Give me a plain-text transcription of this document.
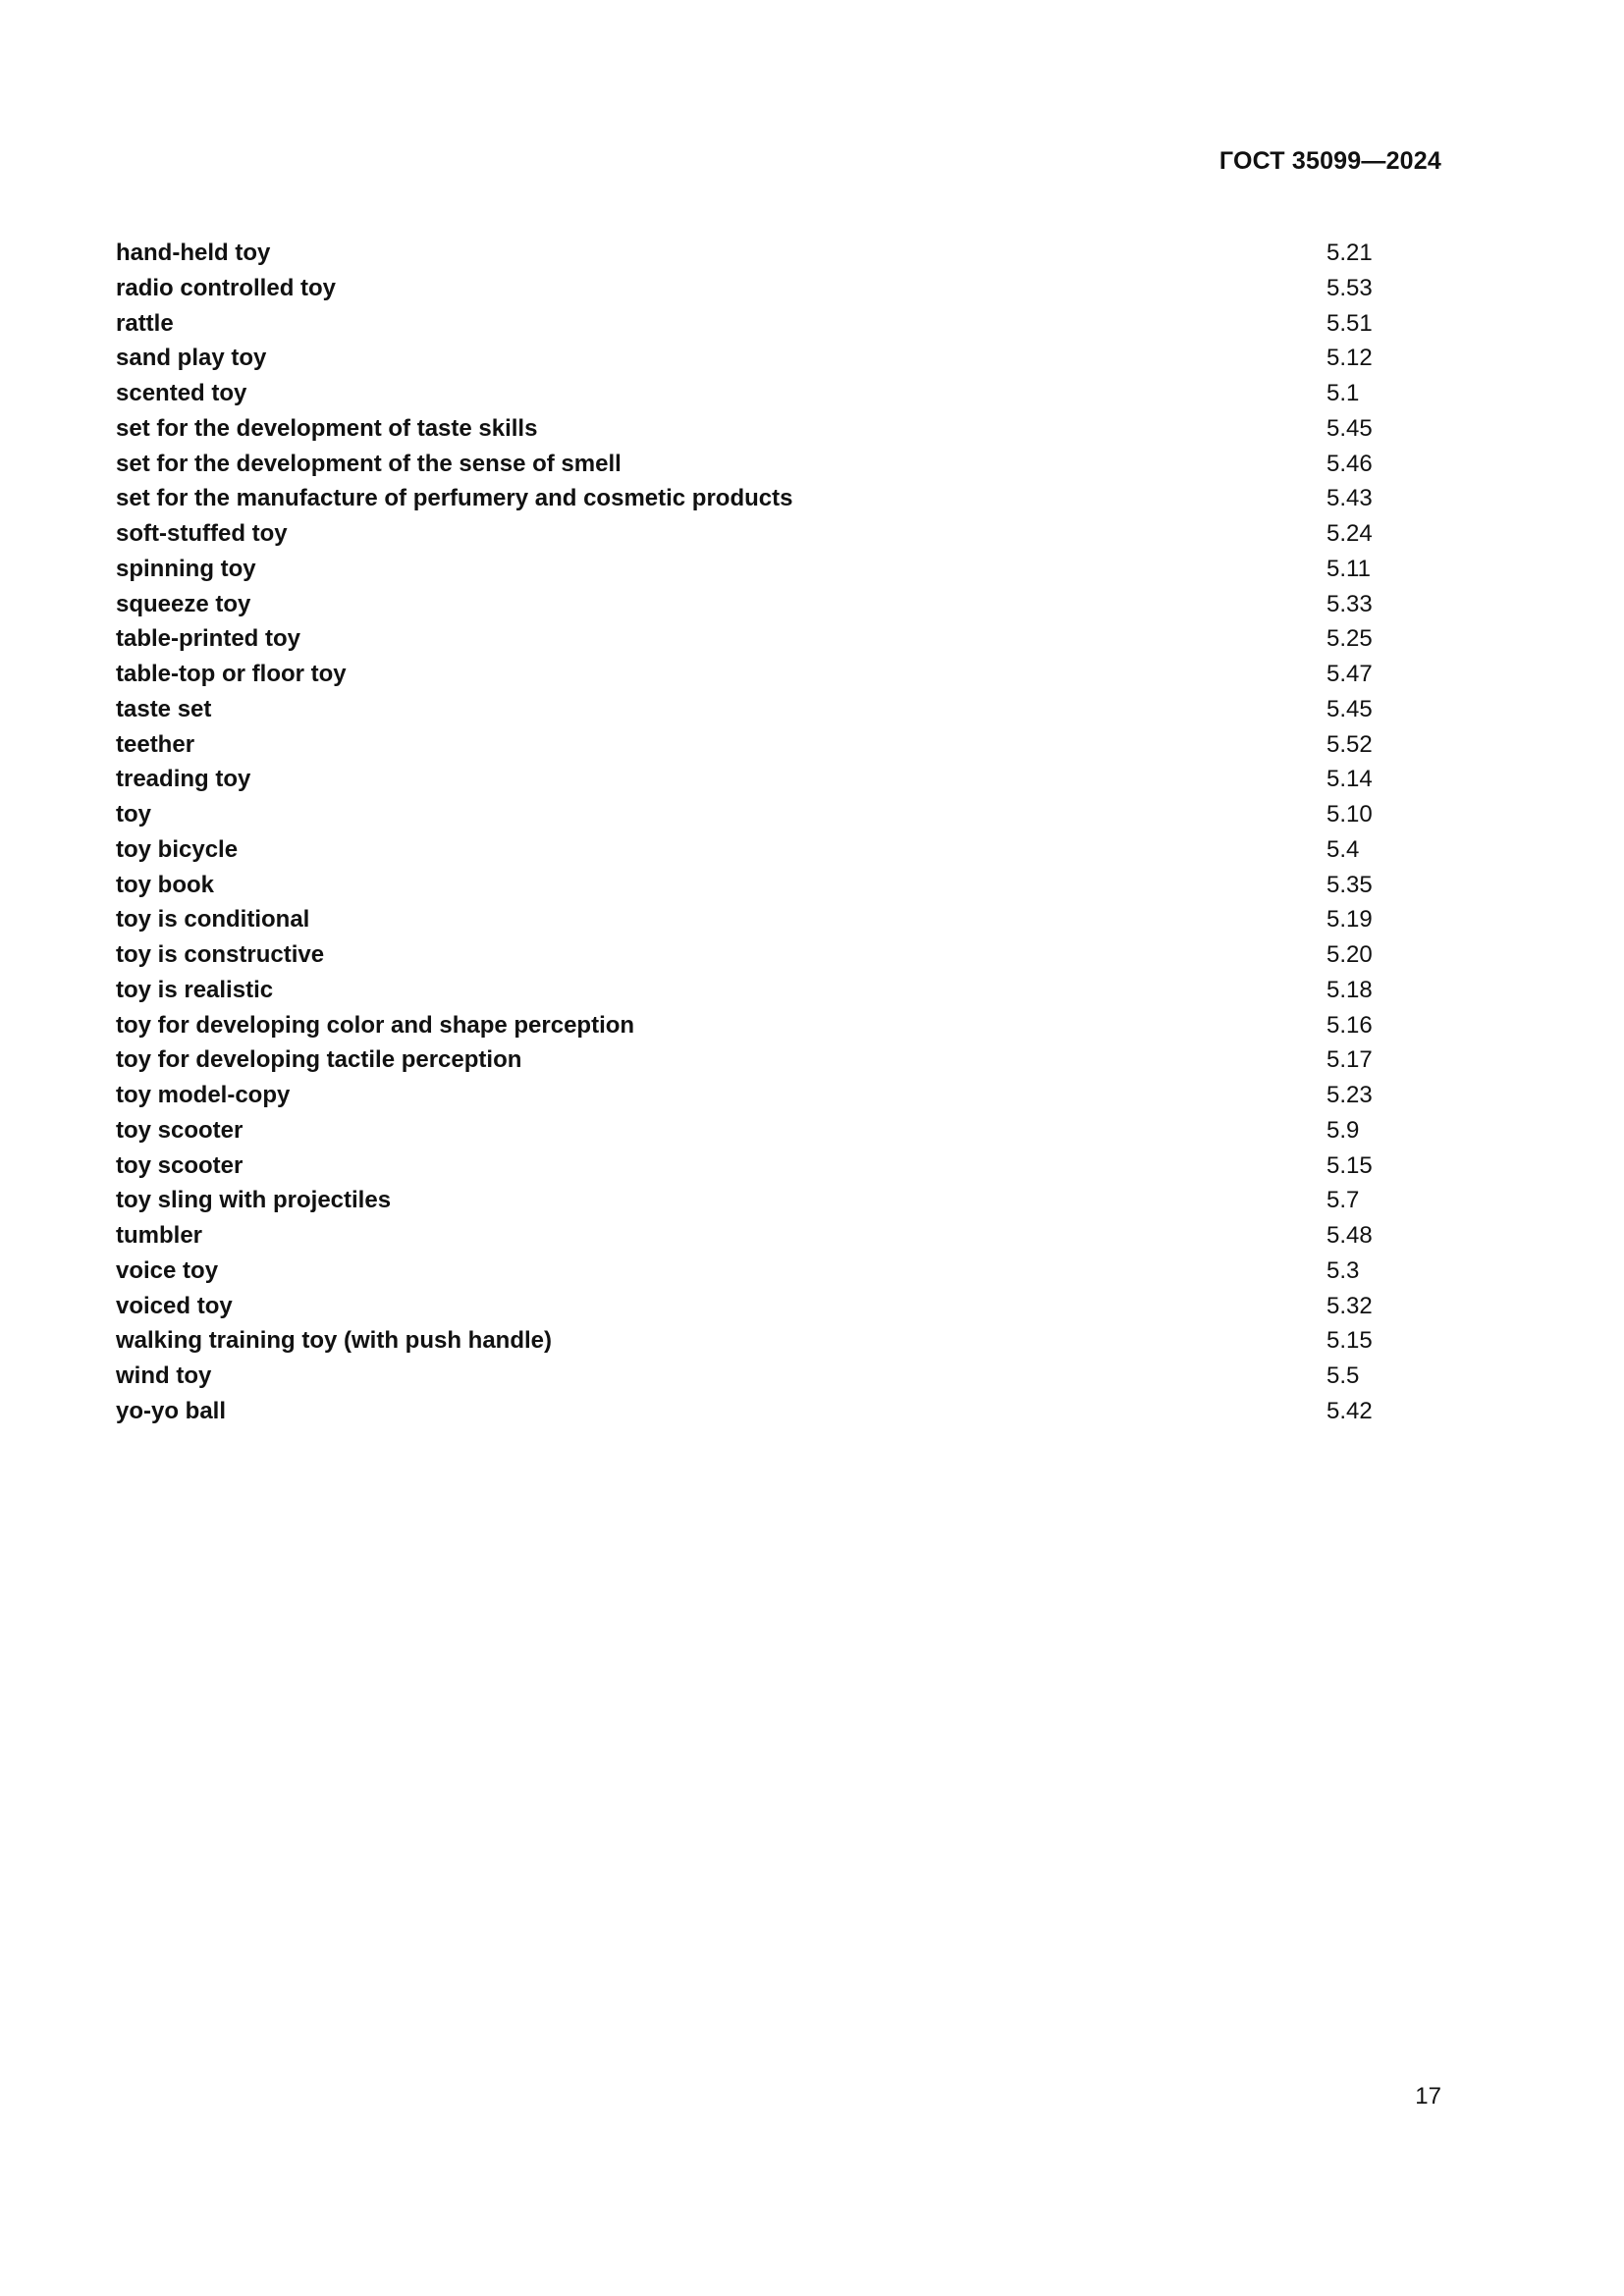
ГОСТ 35099—2024
hand-held toy	5.21
radio controlled toy	5.53
rattle	5.51
sand play toy	5.12
scented toy	5.1
set for the development of taste skills	5.45
set for the development of the sense of smell	5.46
set for the manufacture of perfumery and cosmetic products	5.43
soft-stuffed toy	5.24
spinning toy	5.11
squeeze toy	5.33
table-printed toy	5.25
table-top or floor toy	5.47
taste set	5.45
teether	5.52
treading toy	5.14
toy	5.10
toy bicycle	5.4
toy book	5.35
toy is conditional	5.19
toy is constructive	5.20
toy is realistic	5.18
toy for developing color and shape perception	5.16
toy for developing tactile perception	5.17
toy model-copy	5.23
toy scooter	5.9
toy scooter	5.15
toy sling with projectiles	5.7
tumbler	5.48
voice toy	5.3
voiced toy	5.32
walking training toy (with push handle)	5.15
wind toy	5.5
yo-yo ball	5.42
17
